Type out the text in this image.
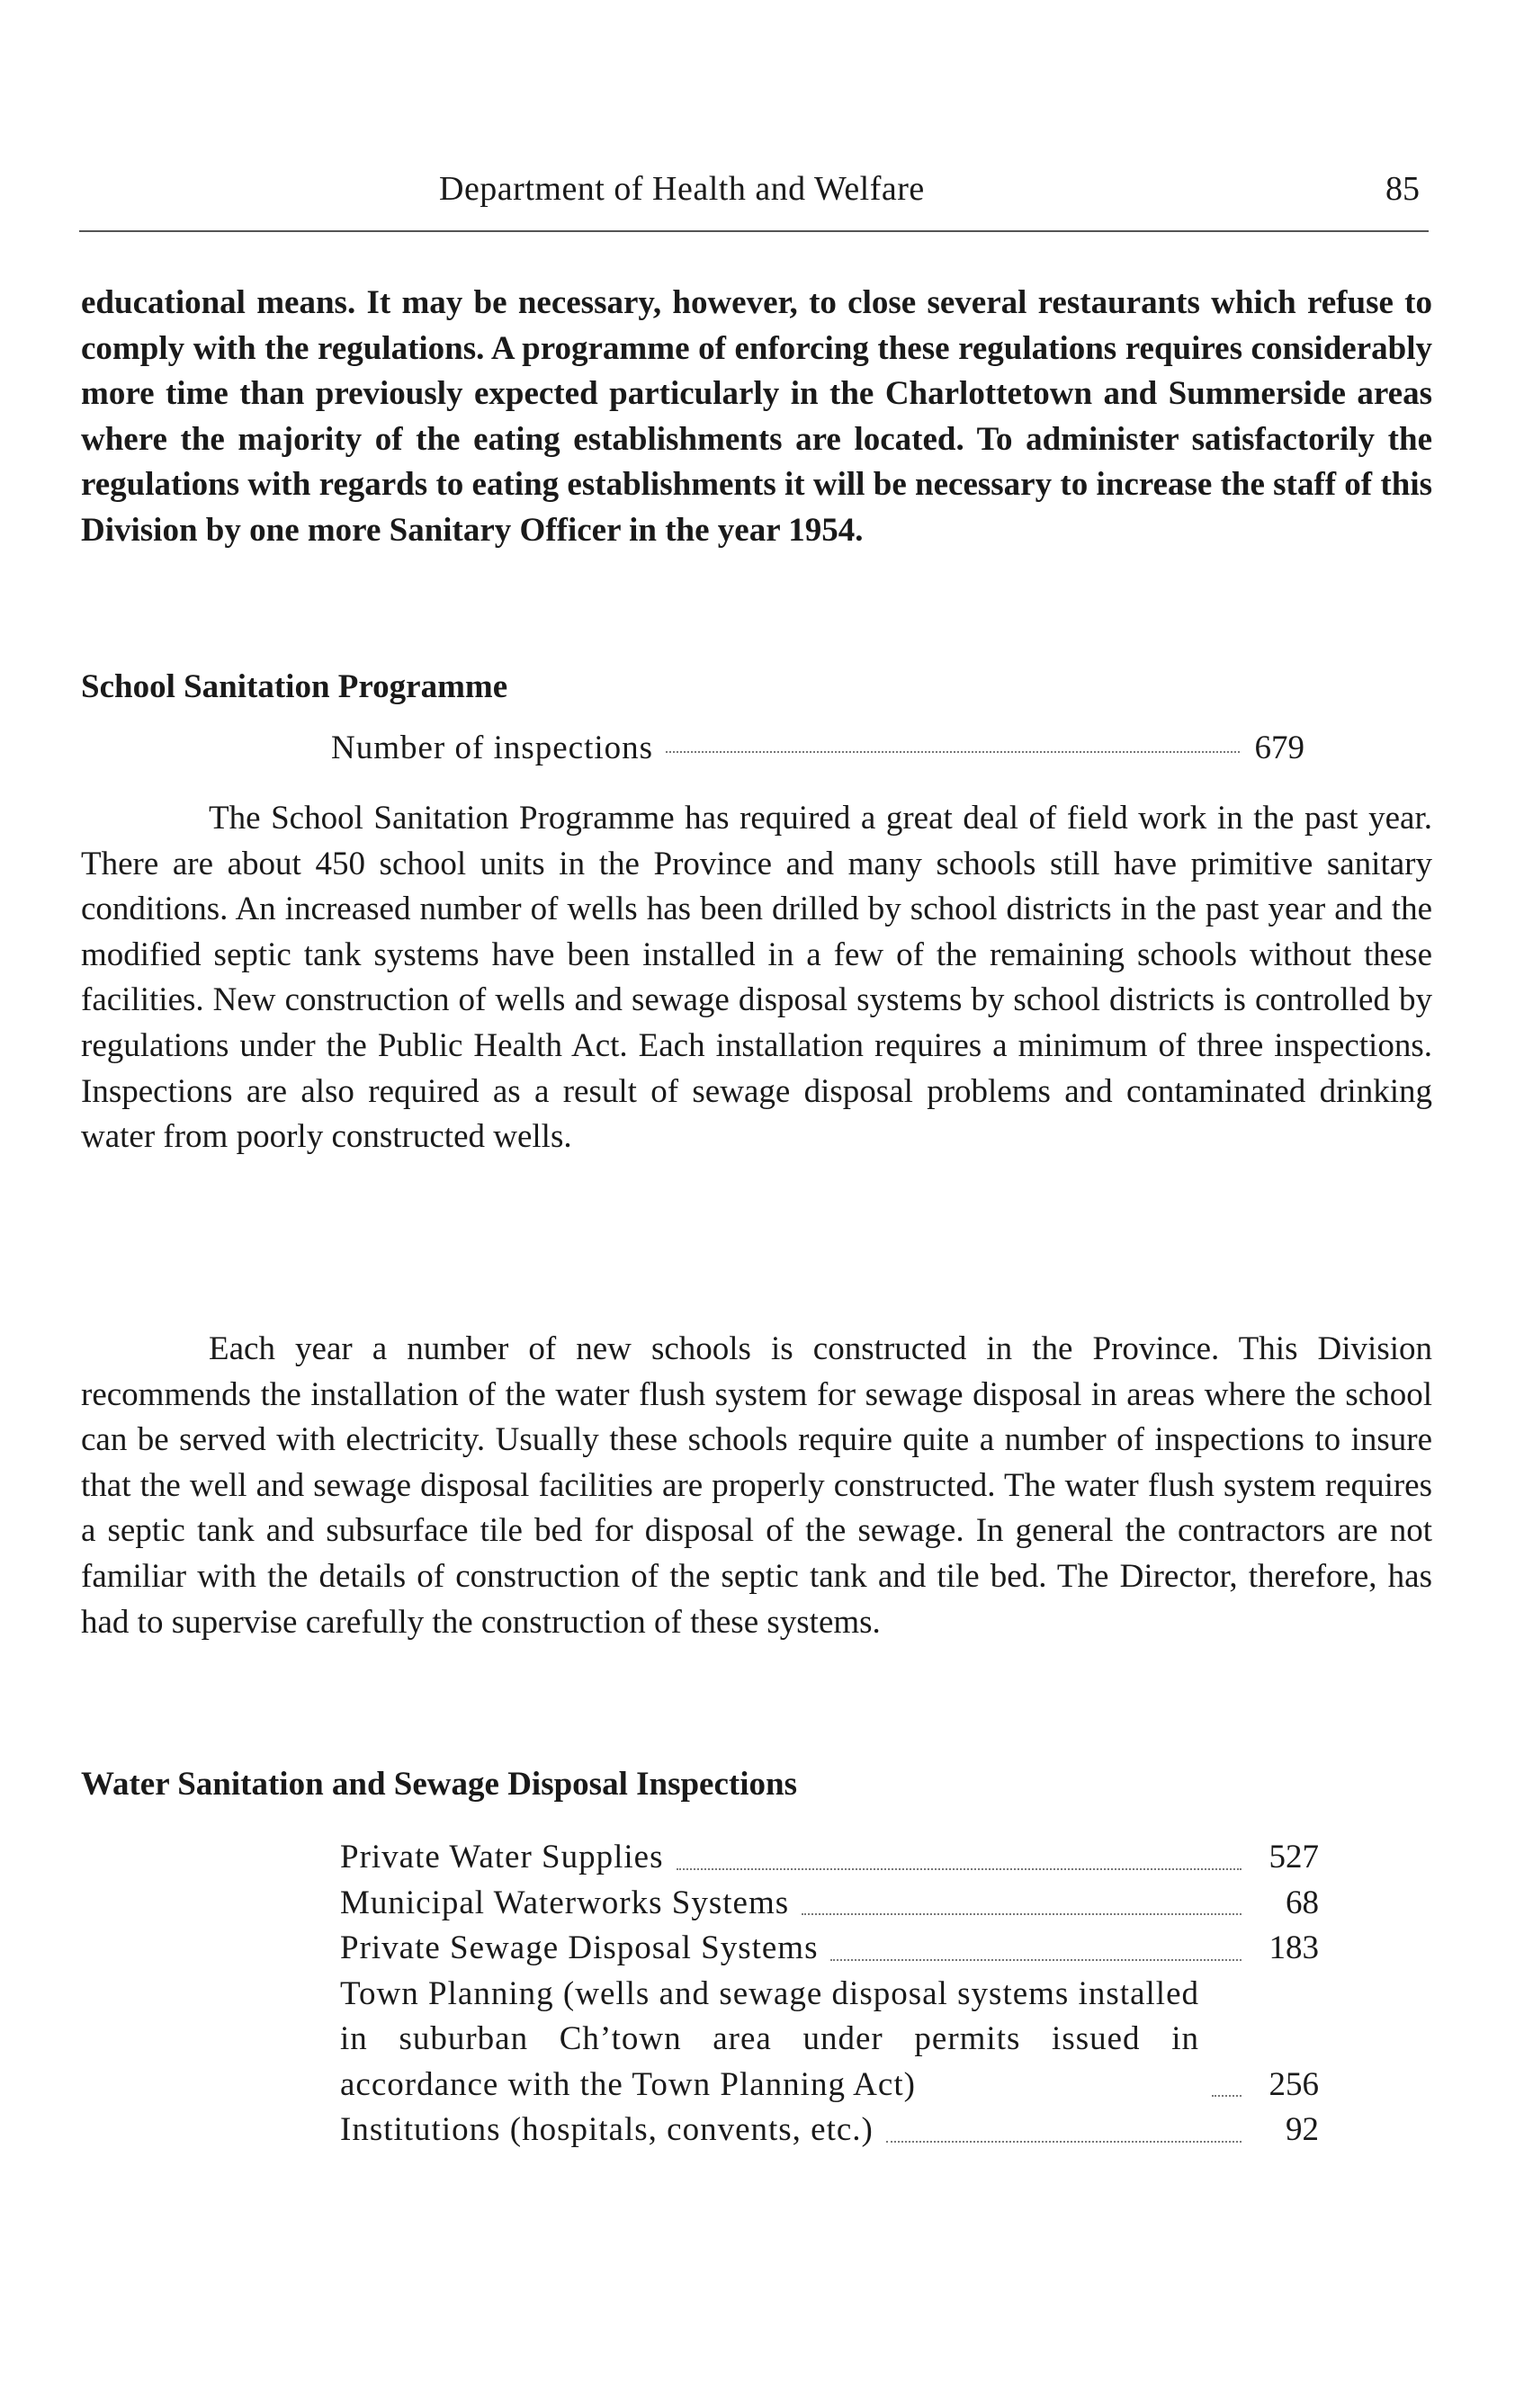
Department of Health and Welfare	85

educational means. It may be necessary, however, to close several restaurants which refuse to comply with the regulations. A programme of enforcing these regulations requires considerably more time than previously expected particularly in the Charlottetown and Summerside areas where the majority of the eating establishments are located. To administer satisfactorily the regulations with regards to eating establishments it will be necessary to increase the staff of this Division by one more Sanitary Officer in the year 1954.

School Sanitation Programme
Number of inspections	679

The School Sanitation Programme has required a great deal of field work in the past year. There are about 450 school units in the Province and many schools still have primitive sanitary conditions. An increased number of wells has been drilled by school districts in the past year and the modified septic tank systems have been installed in a few of the remaining schools without these facilities. New construction of wells and sewage disposal systems by school districts is controlled by regulations under the Public Health Act. Each installation requires a minimum of three inspections. Inspections are also required as a result of sewage disposal problems and contaminated drinking water from poorly constructed wells.

Each year a number of new schools is constructed in the Province. This Division recommends the installation of the water flush system for sewage disposal in areas where the school can be served with electricity. Usually these schools require quite a number of inspections to insure that the well and sewage disposal facilities are properly constructed. The water flush system requires a septic tank and subsurface tile bed for disposal of the sewage. In general the contractors are not familiar with the details of construction of the septic tank and tile bed. The Director, therefore, has had to supervise carefully the construction of these systems.

Water Sanitation and Sewage Disposal Inspections
Private Water Supplies	527
Municipal Waterworks Systems	68
Private Sewage Disposal Systems	183
Town Planning (wells and sewage disposal systems installed in suburban Ch’town area under permits issued in accordance with the Town Planning Act)	256
Institutions (hospitals, convents, etc.)	92
